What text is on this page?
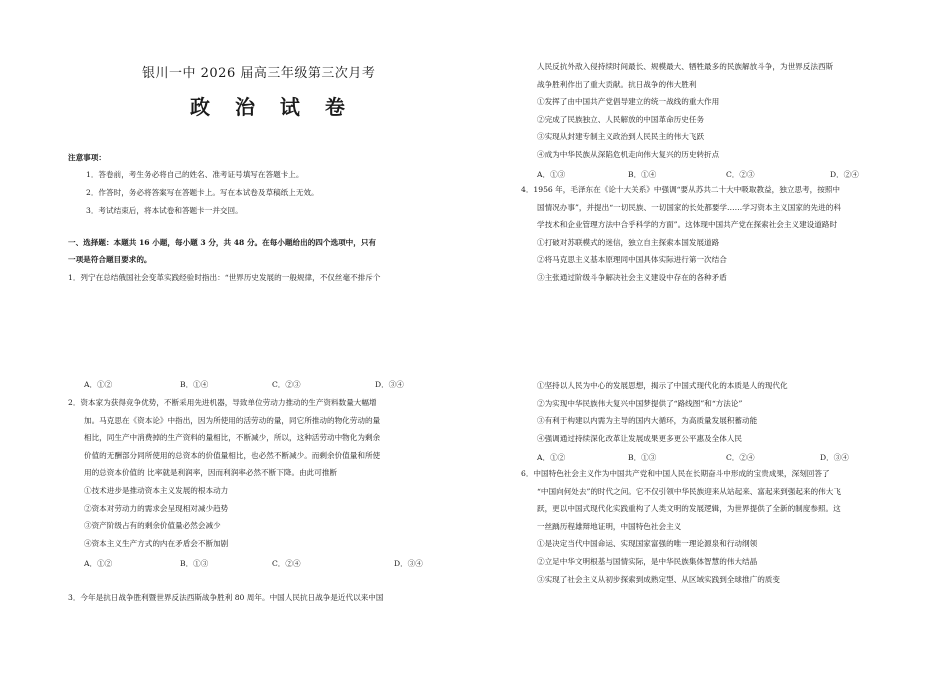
银川一中 2026 届高三年级第三次月考
政 治 试 卷
注意事项：
1．答卷前，考生务必将自己的姓名、准考证号填写在答题卡上。
2．作答时，务必将答案写在答题卡上。写在本试卷及草稿纸上无效。
3．考试结束后，将本试卷和答题卡一并交回。
一、选择题：本题共 16 小题，每小题 3 分，共 48 分。在每小题给出的四个选项中，只有
一项是符合题目要求的。
1．列宁在总结俄国社会变革实践经验时指出：“世界历史发展的一般规律，不仅丝毫不排斥个
A．①②	B．①④	C．②③	D．③④
2．资本家为获得竞争优势，不断采用先进机器，导致单位劳动力推动的生产资料数量大幅增
加。马克思在《资本论》中指出，因为所使用的活劳动的量，同它所推动的物化劳动的量
相比，同生产中消费掉的生产资料的量相比，不断减少，所以，这种活劳动中物化为剩余
价值的无酬部分同所使用的总资本的价值量相比，也必然不断减少。而剩余价值量和所使
用的总资本价值的 比率就是利润率，因而利润率必然不断下降。由此可推断
①技术进步是推动资本主义发展的根本动力
②资本对劳动力的需求会呈现相对减少趋势
③资产阶级占有的剩余价值量必然会减少
④资本主义生产方式的内在矛盾会不断加剧
A．①②	B．①③	C．②④	D．③④
3．今年是抗日战争胜利暨世界反法西斯战争胜利 80 周年。中国人民抗日战争是近代以来中国
人民反抗外敌入侵持续时间最长、规模最大、牺牲最多的民族解放斗争，为世界反法西斯
战争胜利作出了重大贡献。抗日战争的伟大胜利
①发挥了由中国共产党倡导建立的统一战线的重大作用
②完成了民族独立、人民解放的中国革命历史任务
③实现从封建专制主义政治到人民民主的伟大飞跃
④成为中华民族从深陷危机走向伟大复兴的历史转折点
A．①③	B．①④	C．②③	D．②④
4．1956 年，毛泽东在《论十大关系》中强调“要从苏共二十大中吸取教益，独立思考，按照中
国情况办事”，并提出“一切民族、一切国家的长处都要学……学习资本主义国家的先进的科
学技术和企业管理方法中合乎科学的方面”。这体现中国共产党在探索社会主义建设道路时
①打破对苏联模式的迷信，独立自主探索本国发展道路
②将马克思主义基本原理同中国具体实际进行第一次结合
③主张通过阶级斗争解决社会主义建设中存在的各种矛盾
①坚持以人民为中心的发展思想，揭示了中国式现代化的本质是人的现代化
②为实现中华民族伟大复兴中国梦提供了“路线图”和“方法论”
③有利于构建以内需为主导的国内大循环，为高质量发展积蓄动能
④强调通过持续深化改革让发展成果更多更公平惠及全体人民
A．①②	B．①③	C．②④	D．③④
6．中国特色社会主义作为中国共产党和中国人民在长期奋斗中形成的宝贵成果，深刻回答了
“中国向何处去”的时代之问。它不仅引领中华民族迎来从站起来、富起来到强起来的伟大飞
跃，更以中国式现代化实践重构了人类文明的发展逻辑，为世界提供了全新的制度参照。这
一丝踽历程雄辩地证明，中国特色社会主义
①是决定当代中国命运、实现国家富强的唯一理论源泉和行动纲领
②立足中华文明根基与国情实际，是中华民族集体智慧的伟大结晶
③实现了社会主义从初步探索到成熟定型、从区域实践到全球推广的质变
